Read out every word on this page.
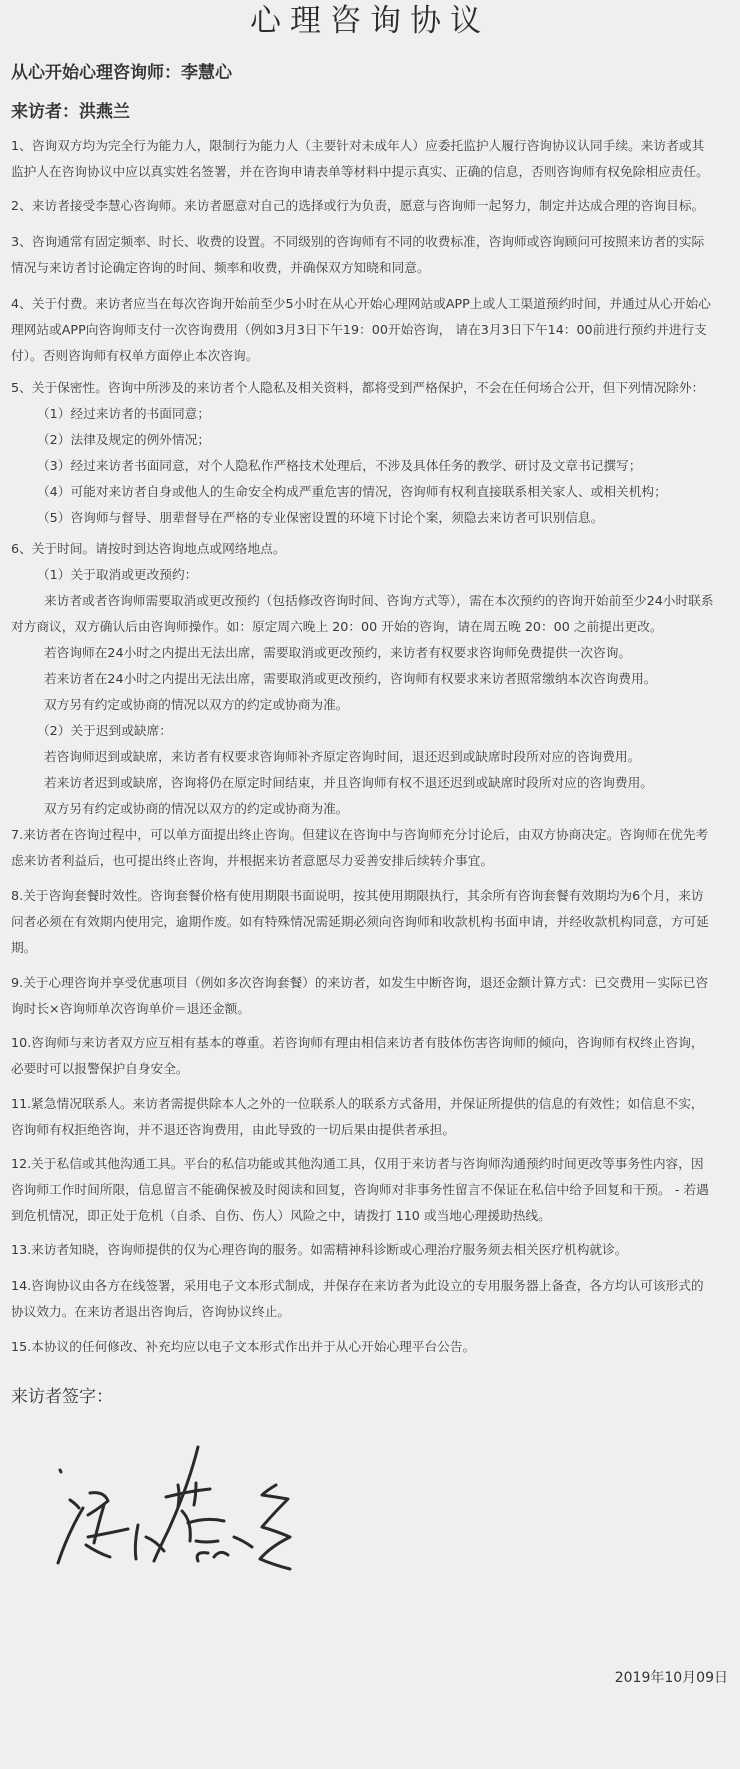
心理咨询协议
从心开始心理咨询师：李慧心
来访者：洪燕兰
1、咨询双方均为完全行为能力人，限制行为能力人（主要针对未成年人）应委托监护人履行咨询协议认同手续。来访者或其
监护人在咨询协议中应以真实姓名签署，并在咨询申请表单等材料中提示真实、正确的信息，否则咨询师有权免除相应责任。
2、来访者接受李慧心咨询师。来访者愿意对自己的选择或行为负责，愿意与咨询师一起努力，制定并达成合理的咨询目标。
3、咨询通常有固定频率、时长、收费的设置。不同级别的咨询师有不同的收费标准，咨询师或咨询顾问可按照来访者的实际
情况与来访者讨论确定咨询的时间、频率和收费，并确保双方知晓和同意。
4、关于付费。来访者应当在每次咨询开始前至少5小时在从心开始心理网站或APP上或人工渠道预约时间，并通过从心开始心
理网站或APP向咨询师支付一次咨询费用（例如3月3日下午19：00开始咨询， 请在3月3日下午14：00前进行预约并进行支
付）。否则咨询师有权单方面停止本次咨询。
5、关于保密性。咨询中所涉及的来访者个人隐私及相关资料，都将受到严格保护，不会在任何场合公开，但下列情况除外：
（1）经过来访者的书面同意；
（2）法律及规定的例外情况；
（3）经过来访者书面同意，对个人隐私作严格技术处理后，不涉及具体任务的教学、研讨及文章书记撰写；
（4）可能对来访者自身或他人的生命安全构成严重危害的情况，咨询师有权利直接联系相关家人、或相关机构；
（5）咨询师与督导、朋辈督导在严格的专业保密设置的环境下讨论个案，须隐去来访者可识别信息。
6、关于时间。请按时到达咨询地点或网络地点。
（1）关于取消或更改预约：
来访者或者咨询师需要取消或更改预约（包括修改咨询时间、咨询方式等），需在本次预约的咨询开始前至少24小时联系
对方商议，双方确认后由咨询师操作。如：原定周六晚上 20：00 开始的咨询，请在周五晚 20：00 之前提出更改。
若咨询师在24小时之内提出无法出席，需要取消或更改预约，来访者有权要求咨询师免费提供一次咨询。
若来访者在24小时之内提出无法出席，需要取消或更改预约，咨询师有权要求来访者照常缴纳本次咨询费用。
双方另有约定或协商的情况以双方的约定或协商为准。
（2）关于迟到或缺席：
若咨询师迟到或缺席，来访者有权要求咨询师补齐原定咨询时间，退还迟到或缺席时段所对应的咨询费用。
若来访者迟到或缺席，咨询将仍在原定时间结束，并且咨询师有权不退还迟到或缺席时段所对应的咨询费用。
双方另有约定或协商的情况以双方的约定或协商为准。
7.来访者在咨询过程中，可以单方面提出终止咨询。但建议在咨询中与咨询师充分讨论后，由双方协商决定。咨询师在优先考
虑来访者利益后，也可提出终止咨询，并根据来访者意愿尽力妥善安排后续转介事宜。
8.关于咨询套餐时效性。咨询套餐价格有使用期限书面说明，按其使用期限执行，其余所有咨询套餐有效期均为6个月，来访
问者必须在有效期内使用完，逾期作废。如有特殊情况需延期必须向咨询师和收款机构书面申请，并经收款机构同意，方可延
期。
9.关于心理咨询并享受优惠项目（例如多次咨询套餐）的来访者，如发生中断咨询，退还金额计算方式：已交费用－实际已咨
询时长×咨询师单次咨询单价＝退还金额。
10.咨询师与来访者双方应互相有基本的尊重。若咨询师有理由相信来访者有肢体伤害咨询师的倾向，咨询师有权终止咨询，
必要时可以报警保护自身安全。
11.紧急情况联系人。来访者需提供除本人之外的一位联系人的联系方式备用，并保证所提供的信息的有效性；如信息不实，
咨询师有权拒绝咨询，并不退还咨询费用，由此导致的一切后果由提供者承担。
12.关于私信或其他沟通工具。平台的私信功能或其他沟通工具，仅用于来访者与咨询师沟通预约时间更改等事务性内容，因
咨询师工作时间所限，信息留言不能确保被及时阅读和回复，咨询师对非事务性留言不保证在私信中给予回复和干预。 - 若遇
到危机情况，即正处于危机（自杀、自伤、伤人）风险之中，请拨打 110 或当地心理援助热线。
13.来访者知晓，咨询师提供的仅为心理咨询的服务。如需精神科诊断或心理治疗服务须去相关医疗机构就诊。
14.咨询协议由各方在线签署，采用电子文本形式制成，并保存在来访者为此设立的专用服务器上备查，各方均认可该形式的
协议效力。在来访者退出咨询后，咨询协议终止。
15.本协议的任何修改、补充均应以电子文本形式作出并于从心开始心理平台公告。
来访者签字：
2019年10月09日
